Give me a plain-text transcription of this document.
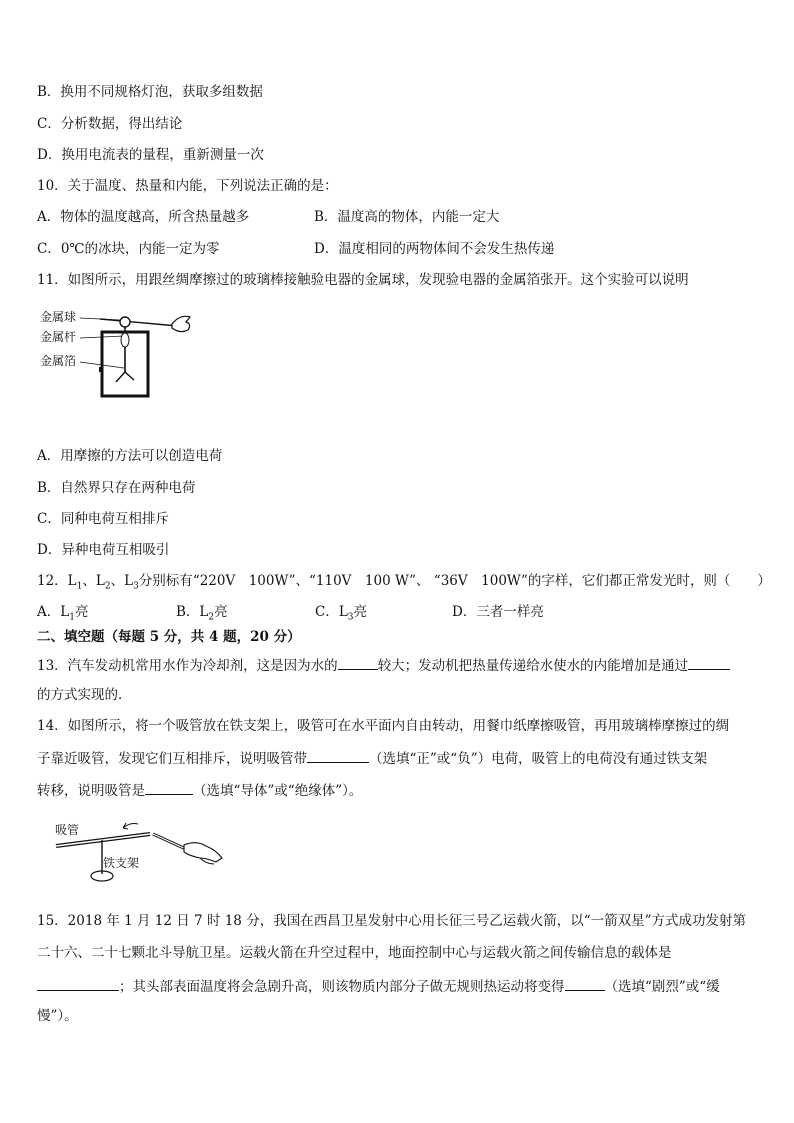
B．换用不同规格灯泡，获取多组数据
C．分析数据，得出结论
D．换用电流表的量程，重新测量一次
10．关于温度、热量和内能，下列说法正确的是：
A．物体的温度越高，所含热量越多	B．温度高的物体，内能一定大
C．0℃的冰块，内能一定为零	D．温度相同的两物体间不会发生热传递
11．如图所示，用跟丝绸摩擦过的玻璃棒接触验电器的金属球，发现验电器的金属箔张开。这个实验可以说明
金属球
金属杆
金属箔
A．用摩擦的方法可以创造电荷
B．自然界只存在两种电荷
C．同种电荷互相排斥
D．异种电荷互相吸引
12．$L_1$、$L_2$、$L_3$分别标有“220V　100W”、“110V　100 W”、 “36V　100W”的字样，它们都正常发光时，则（　　）
A．$L_1$亮	B．$L_2$亮	C．$L_3$亮	D．三者一样亮
二、填空题（每题 5 分，共 4 题，20 分）
13．汽车发动机常用水作为冷却剂，这是因为水的	较大；发动机把热量传递给水使水的内能增加是通过
的方式实现的．
14．如图所示，将一个吸管放在铁支架上，吸管可在水平面内自由转动，用餐巾纸摩擦吸管，再用玻璃棒摩擦过的绸
子靠近吸管，发现它们互相排斥，说明吸管带	（选填“正”或“负”）电荷，吸管上的电荷没有通过铁支架
转移，说明吸管是	（选填“导体”或“绝缘体”）。
吸管
铁支架
15．2018 年 1 月 12 日 7 时 18 分，我国在西昌卫星发射中心用长征三号乙运载火箭，以“一箭双星”方式成功发射第
二十六、二十七颗北斗导航卫星。运载火箭在升空过程中，地面控制中心与运载火箭之间传输信息的载体是
；其头部表面温度将会急剧升高，则该物质内部分子做无规则热运动将变得	（选填“剧烈”或“缓
慢”）。
